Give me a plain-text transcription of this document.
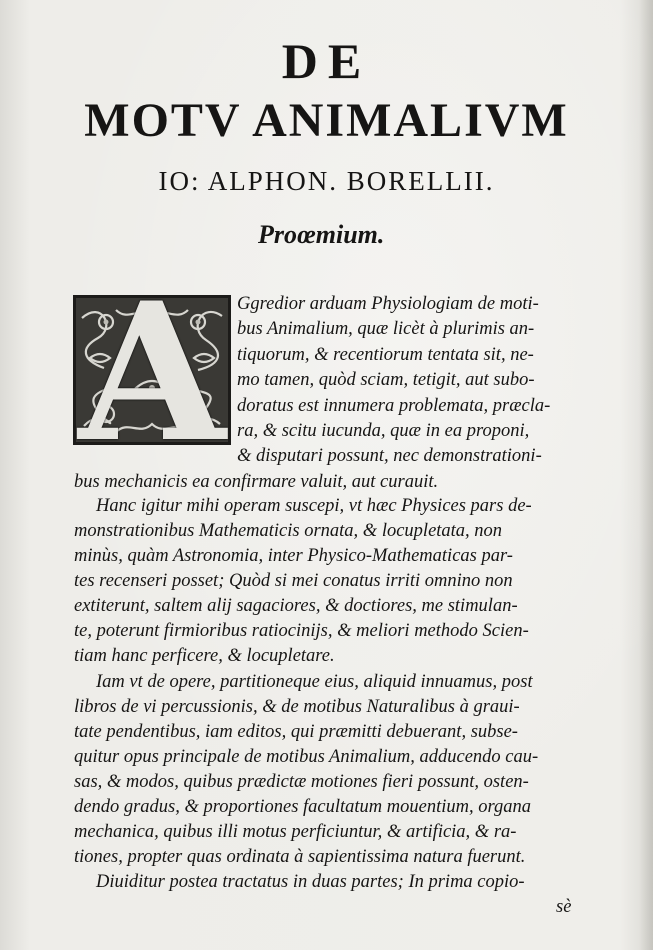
DE
MOTV ANIMALIVM
IO: ALPHON. BORELLII.
Proœmium.
A Ggredior arduam Physiologiam de moti-
bus Animalium, quæ licèt à plurimis an-
tiquorum, & recentiorum tentata sit, ne-
mo tamen, quòd sciam, tetigit, aut subo-
doratus est innumera problemata, præcla-
ra, & scitu iucunda, quæ in ea proponi,
& disputari possunt, nec demonstrationi-
bus mechanicis ea confirmare valuit, aut curauit.
Hanc igitur mihi operam suscepi, vt hæc Physices pars de-
monstrationibus Mathematicis ornata, & locupletata, non
minùs, quàm Astronomia, inter Physico-Mathematicas par-
tes recenseri posset; Quòd si mei conatus irriti omnino non
extiterunt, saltem alij sagaciores, & doctiores, me stimulan-
te, poterunt firmioribus ratiocinijs, & meliori methodo Scien-
tiam hanc perficere, & locupletare.
Iam vt de opere, partitioneque eius, aliquid innuamus, post
libros de vi percussionis, & de motibus Naturalibus à graui-
tate pendentibus, iam editos, qui præmitti debuerant, subse-
quitur opus principale de motibus Animalium, adducendo cau-
sas, & modos, quibus prædictæ motiones fieri possunt, osten-
dendo gradus, & proportiones facultatum mouentium, organa
mechanica, quibus illi motus perficiuntur, & artificia, & ra-
tiones, propter quas ordinata à sapientissima natura fuerunt.
Diuiditur postea tractatus in duas partes; In prima copio-
sè
